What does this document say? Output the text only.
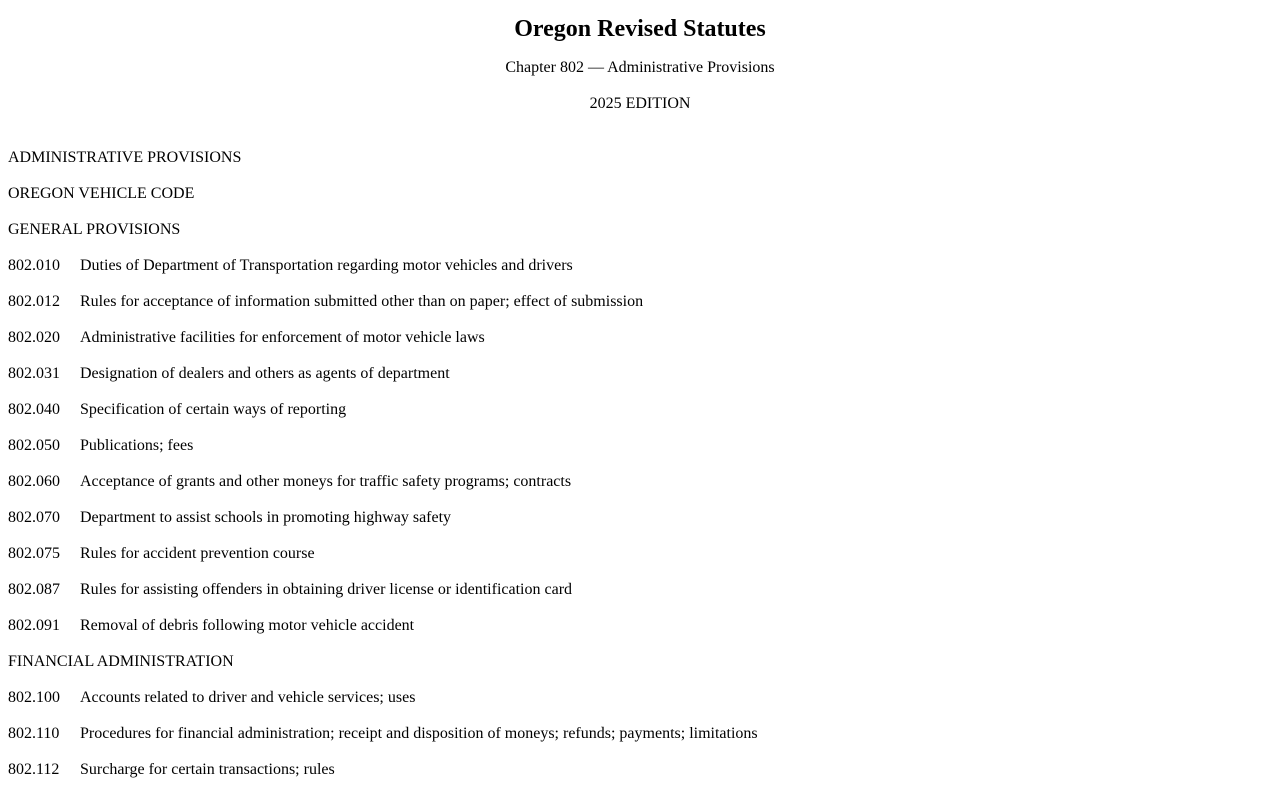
Oregon Revised Statutes
Chapter 802 — Administrative Provisions
2025 EDITION
ADMINISTRATIVE PROVISIONS
OREGON VEHICLE CODE
GENERAL PROVISIONS
802.010 Duties of Department of Transportation regarding motor vehicles and drivers
802.012 Rules for acceptance of information submitted other than on paper; effect of submission
802.020 Administrative facilities for enforcement of motor vehicle laws
802.031 Designation of dealers and others as agents of department
802.040 Specification of certain ways of reporting
802.050 Publications; fees
802.060 Acceptance of grants and other moneys for traffic safety programs; contracts
802.070 Department to assist schools in promoting highway safety
802.075 Rules for accident prevention course
802.087 Rules for assisting offenders in obtaining driver license or identification card
802.091 Removal of debris following motor vehicle accident
FINANCIAL ADMINISTRATION
802.100 Accounts related to driver and vehicle services; uses
802.110 Procedures for financial administration; receipt and disposition of moneys; refunds; payments; limitations
802.112 Surcharge for certain transactions; rules
